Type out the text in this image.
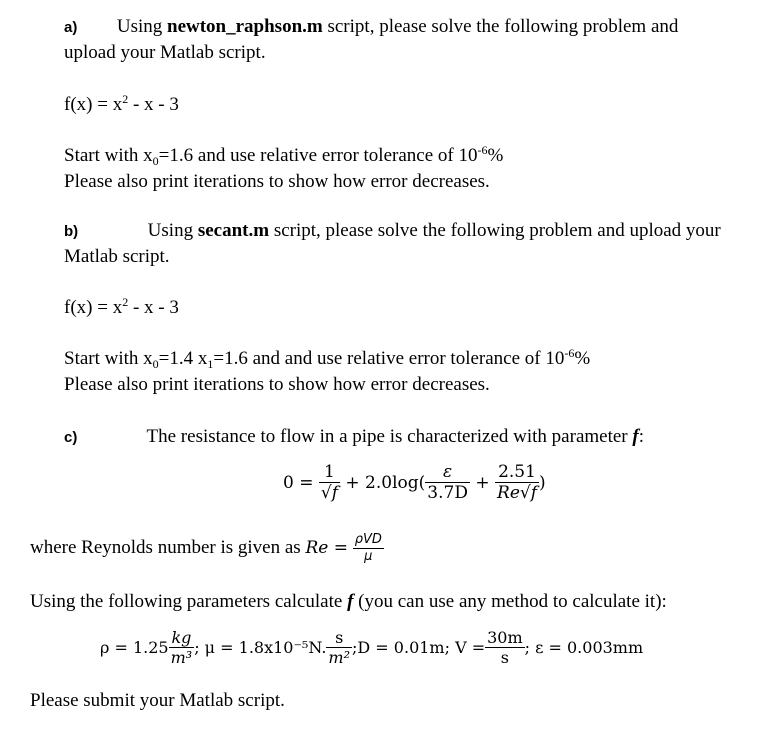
a) Using newton_raphson.m script, please solve the following problem and
upload your Matlab script.
$f(x) = x^2 - x - 3$
Start with $x_0=1.6$ and use relative error tolerance of $10^{-6}\%$
Please also print iterations to show how error decreases.
b)	Using secant.m script, please solve the following problem and upload your
Matlab script.
$f(x) = x^2 - x - 3$
Start with $x_0=1.4$ $x_1=1.6$ and and use relative error tolerance of $10^{-6}\%$
Please also print iterations to show how error decreases.
c)	The resistance to flow in a pipe is characterized with parameter f:
$0 = \frac{1}{√f} + 2.0\log( \frac{\varepsilon}{3.7D} + \frac{2.51}{Re√f}$ )
where Reynolds number is given as $Re = \frac{\text{ρVD}}{\mu}$
Using the following parameters calculate f (you can use any method to calculate it):
$\rho = 1.25 \frac{kg}{\text{m³}}$ ; μ = 1.8x10⁻⁵N. $\frac{s}{\text{m²}}$ ;D = 0.01m; $V = \frac{30m}{s}$ ; ε = 0.003mm
Please submit your Matlab script.
